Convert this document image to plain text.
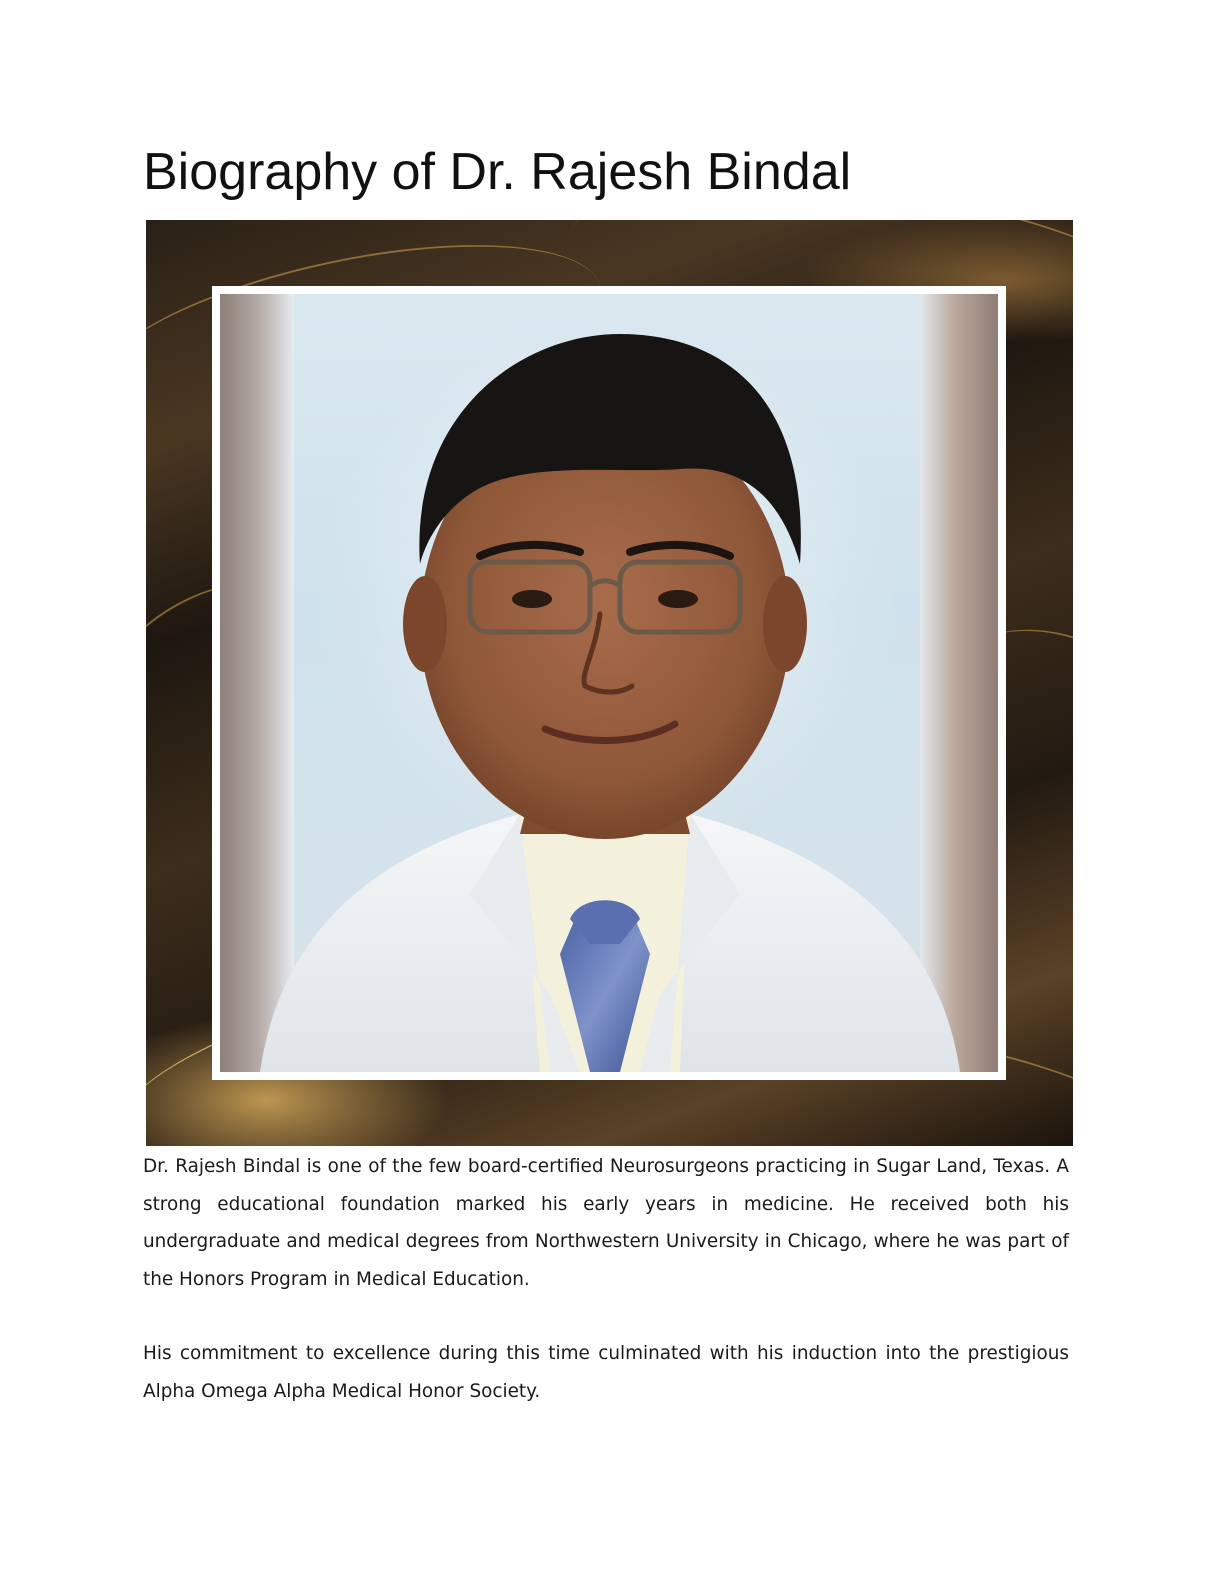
Biography of Dr. Rajesh Bindal

Dr. Rajesh Bindal is one of the few board-certified Neurosurgeons practicing in Sugar Land, Texas. A strong educational foundation marked his early years in medicine. He received both his undergraduate and medical degrees from Northwestern University in Chicago, where he was part of the Honors Program in Medical Education.

His commitment to excellence during this time culminated with his induction into the prestigious Alpha Omega Alpha Medical Honor Society.
